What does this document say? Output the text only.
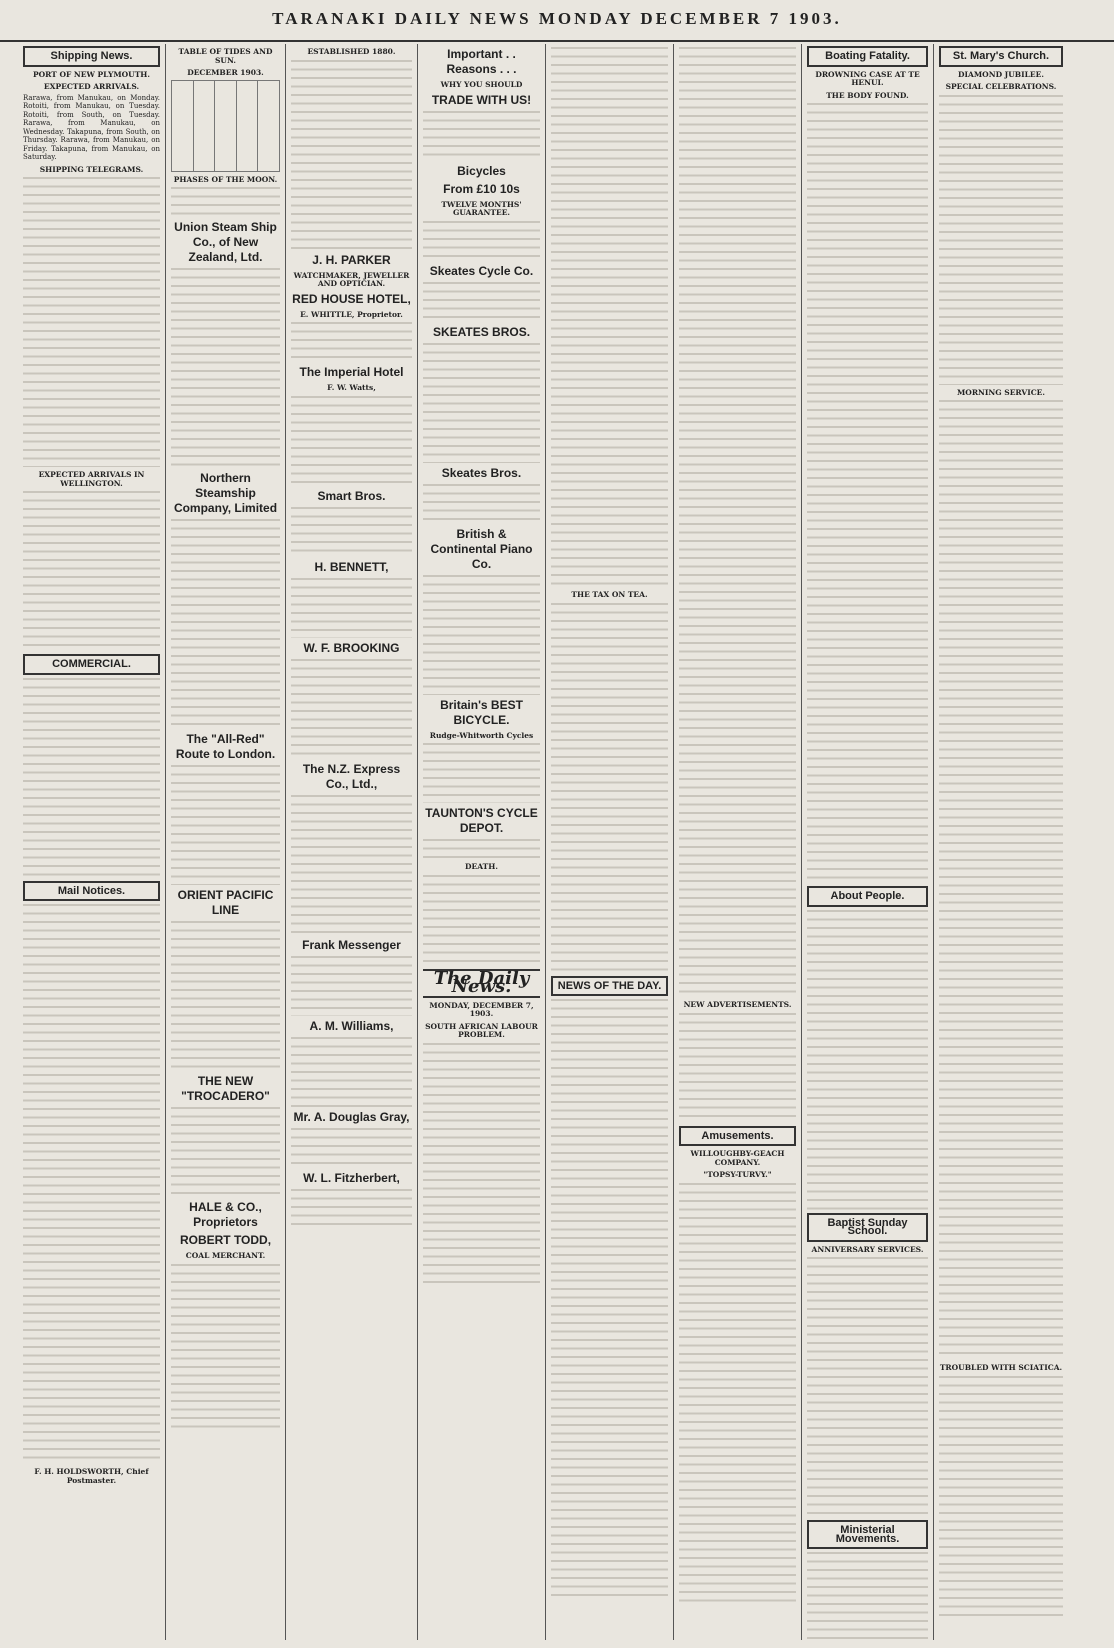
TARANAKI DAILY NEWS MONDAY DECEMBER 7 1903.
Shipping News.
PORT OF NEW PLYMOUTH.
EXPECTED ARRIVALS.
Rarawa, from Manukau, on Monday. Rotoiti, from Manukau, on Tuesday. Rotoiti, from South, on Tuesday. Rarawa, from Manukau, on Wednesday. Takapuna, from South, on Thursday. Rarawa, from Manukau, on Friday. Takapuna, from Manukau, on Saturday.
SHIPPING TELEGRAMS.
EXPECTED ARRIVALS IN WELLINGTON.
COMMERCIAL.
Mail Notices.
F. H. HOLDSWORTH, Chief Postmaster.
TABLE OF TIDES AND SUN.
DECEMBER 1903.

PHASES OF THE MOON.
Union Steam Ship Co., of New Zealand, Ltd.
Northern Steamship Company, Limited
The "All-Red" Route to London.
ORIENT PACIFIC LINE
THE NEW "TROCADERO"
HALE & CO., Proprietors
ROBERT TODD,
COAL MERCHANT.
ESTABLISHED 1880.
J. H. PARKER
WATCHMAKER, JEWELLER AND OPTICIAN.
RED HOUSE HOTEL,
E. WHITTLE, Proprietor.
The Imperial Hotel
F. W. Watts,
Smart Bros.
H. BENNETT,
W. F. BROOKING
The N.Z. Express Co., Ltd.,
Frank Messenger
A. M. Williams,
Mr. A. Douglas Gray,
W. L. Fitzherbert,
Important . . Reasons . . .
WHY YOU SHOULD
TRADE WITH US!
Bicycles
From £10 10s
TWELVE MONTHS' GUARANTEE.
Skeates Cycle Co.
SKEATES BROS.
Skeates Bros.
British & Continental Piano Co.
Britain's BEST BICYCLE.
Rudge-Whitworth Cycles
TAUNTON'S CYCLE DEPOT.
DEATH.
The Daily News.
MONDAY, DECEMBER 7, 1903.
SOUTH AFRICAN LABOUR PROBLEM.
THE TAX ON TEA.
NEWS OF THE DAY.
NEW ADVERTISEMENTS.
Amusements.
WILLOUGHBY-GEACH COMPANY.
"TOPSY-TURVY."
Boating Fatality.
DROWNING CASE AT TE HENUI.
THE BODY FOUND.
About People.
Baptist Sunday School.
ANNIVERSARY SERVICES.
Ministerial Movements.
St. Mary's Church.
DIAMOND JUBILEE.
SPECIAL CELEBRATIONS.
MORNING SERVICE.
TROUBLED WITH SCIATICA.
